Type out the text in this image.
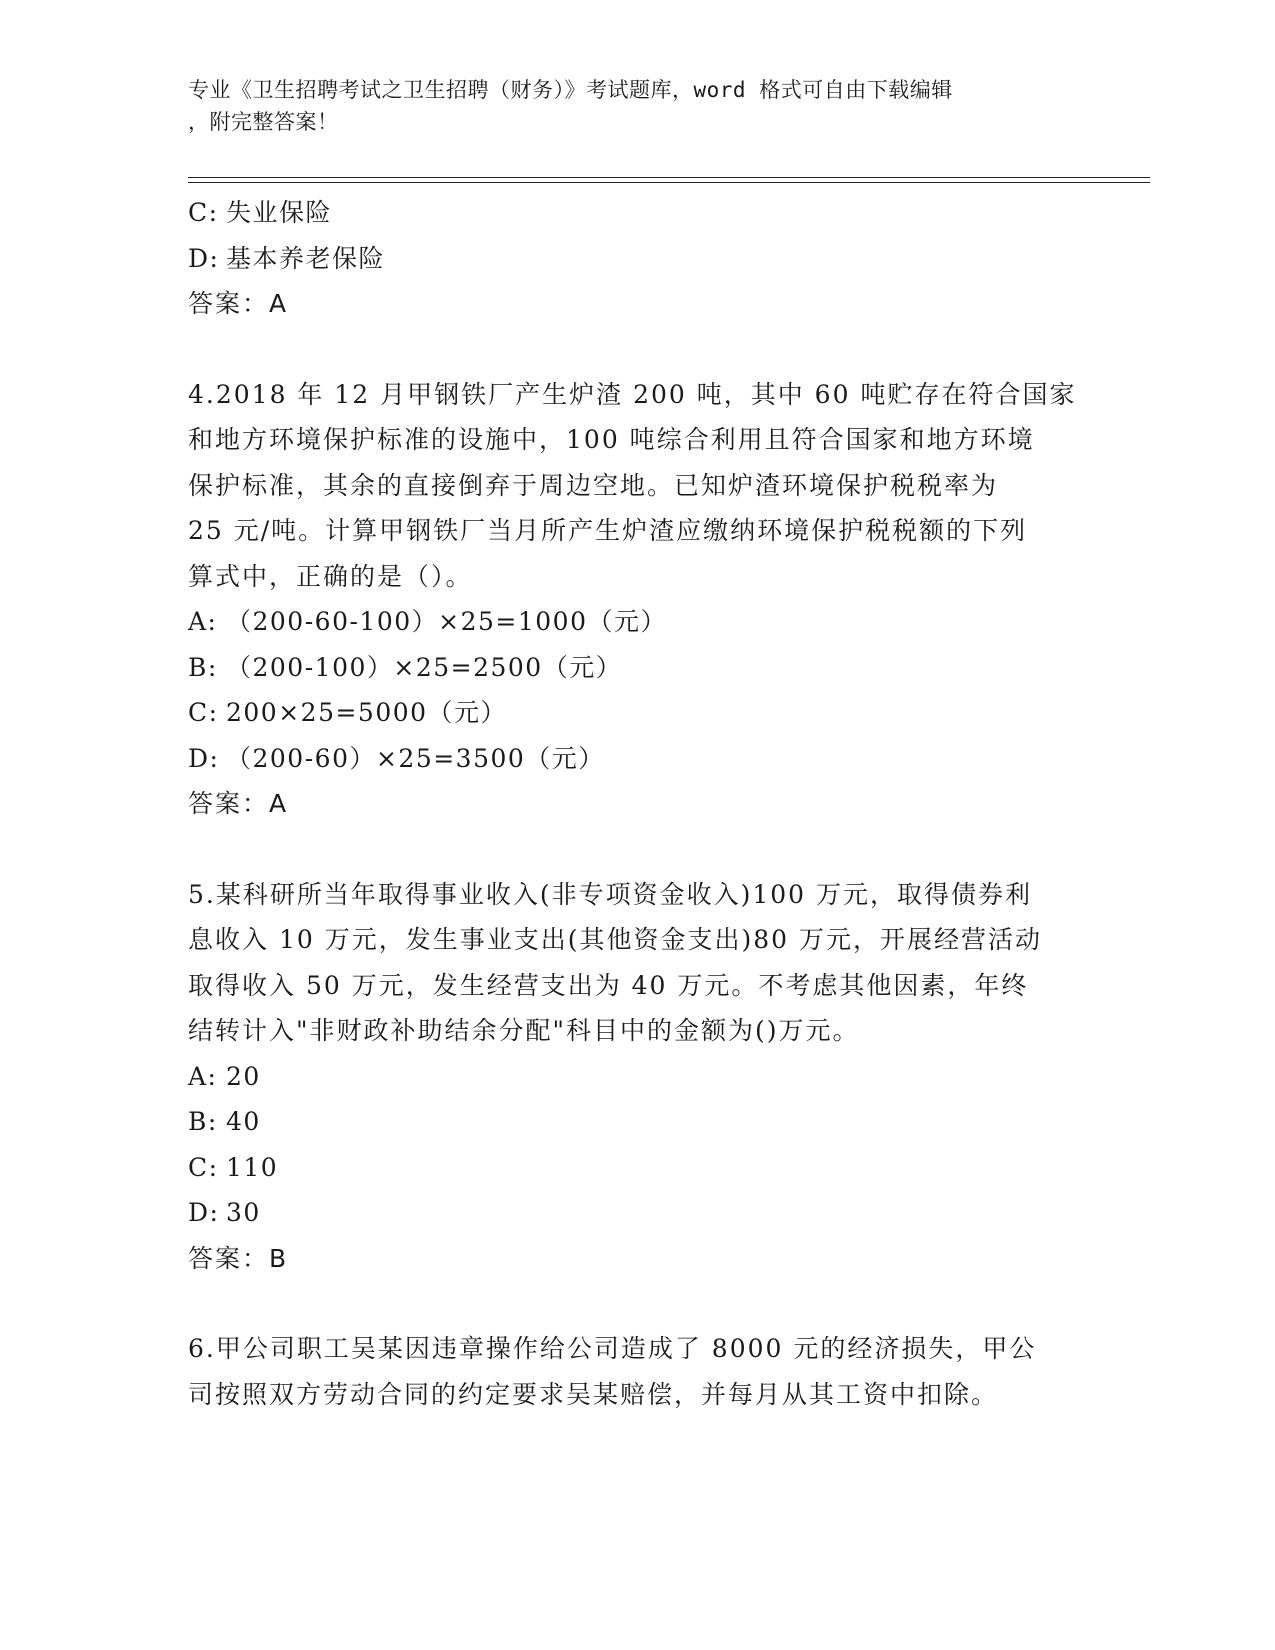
专业《卫生招聘考试之卫生招聘（财务）》考试题库，word 格式可自由下载编辑
，附完整答案！
C: 失业保险
D: 基本养老保险
答案：A
4.2018 年 12 月甲钢铁厂产生炉渣 200 吨，其中 60 吨贮存在符合国家
和地方环境保护标准的设施中，100 吨综合利用且符合国家和地方环境
保护标准，其余的直接倒弃于周边空地。已知炉渣环境保护税税率为
25 元/吨。计算甲钢铁厂当月所产生炉渣应缴纳环境保护税税额的下列
算式中，正确的是（）。
A: （200-60-100）×25=1000（元）
B: （200-100）×25=2500（元）
C: 200×25=5000（元）
D: （200-60）×25=3500（元）
答案：A
5.某科研所当年取得事业收入(非专项资金收入)100 万元，取得债券利
息收入 10 万元，发生事业支出(其他资金支出)80 万元，开展经营活动
取得收入 50 万元，发生经营支出为 40 万元。不考虑其他因素，年终
结转计入"非财政补助结余分配"科目中的金额为()万元。
A: 20
B: 40
C: 110
D: 30
答案：B
6.甲公司职工吴某因违章操作给公司造成了 8000 元的经济损失，甲公
司按照双方劳动合同的约定要求吴某赔偿，并每月从其工资中扣除。
